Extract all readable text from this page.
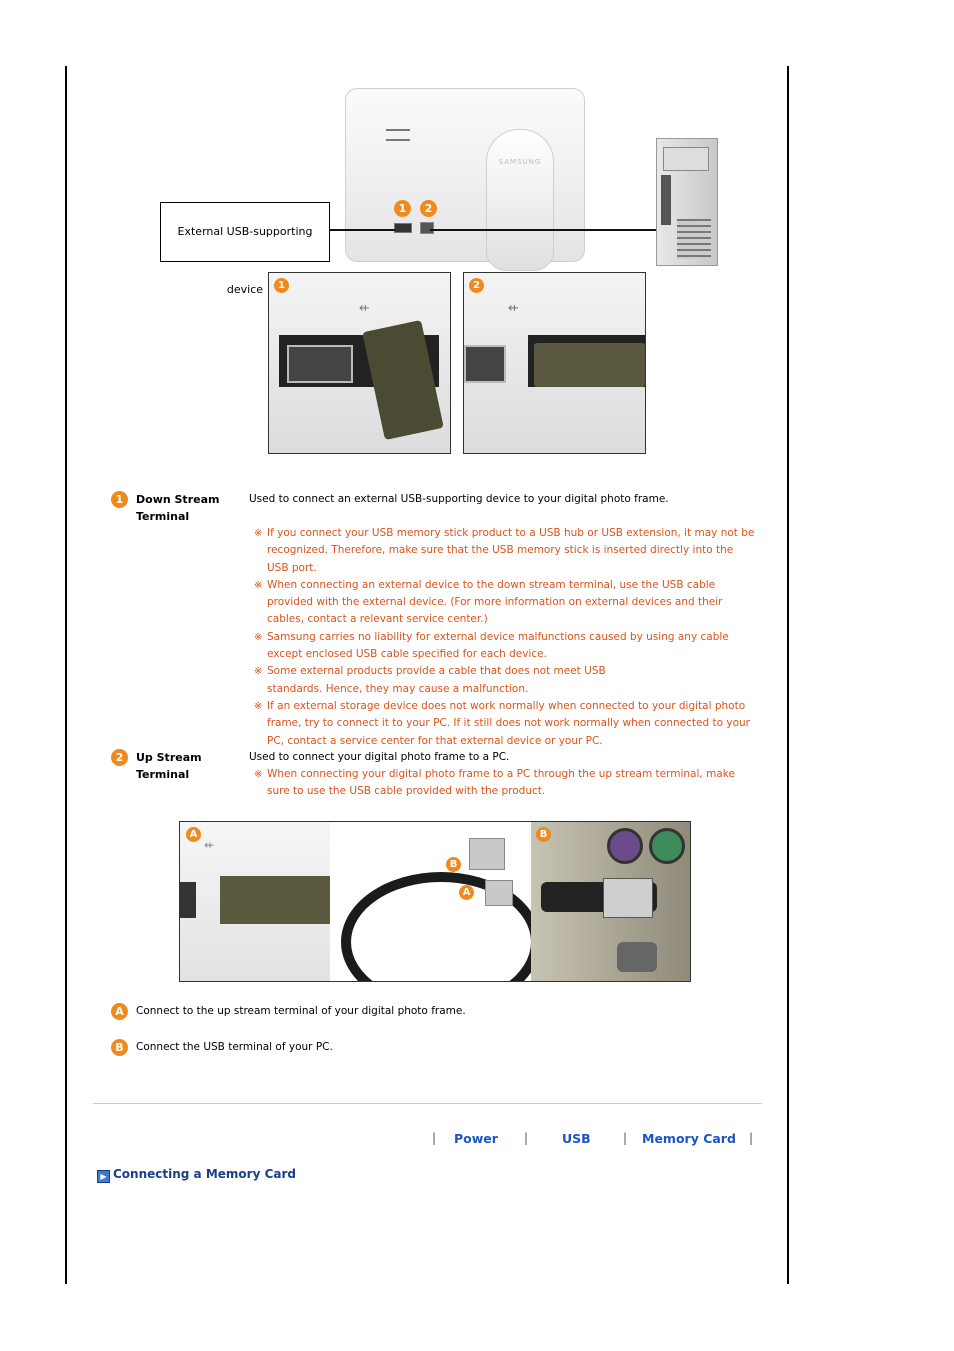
SAMSUNG
1	2
External USB-supporting device
⇷
1
⇷
2
1	Down Stream
Terminal
Used to connect an external USB-supporting device to your digital photo frame.
※ If you connect your USB memory stick product to a USB hub or USB extension, it may not be recognized. Therefore, make sure that the USB memory stick is inserted directly into the USB port.
※ When connecting an external device to the down stream terminal, use the USB cable provided with the external device. (For more information on external devices and their cables, contact a relevant service center.)
※ Samsung carries no liability for external device malfunctions caused by using any cable except enclosed USB cable specified for each device.
※ Some external products provide a cable that does not meet USB standards. Hence, they may cause a malfunction.
※ If an external storage device does not work normally when connected to your digital photo frame, try to connect it to your PC. If it still does not work normally when connected to your PC, contact a service center for that external device or your PC.
2	Up Stream
Terminal
Used to connect your digital photo frame to a PC.
※ When connecting your digital photo frame to a PC through the up stream terminal, make sure to use the USB cable provided with the product.
⇷
A
B
A
B
A	Connect to the up stream terminal of your digital photo frame.
B	Connect the USB terminal of your PC.
| Power |	USB	| Memory Card |
▶ Connecting a Memory Card
